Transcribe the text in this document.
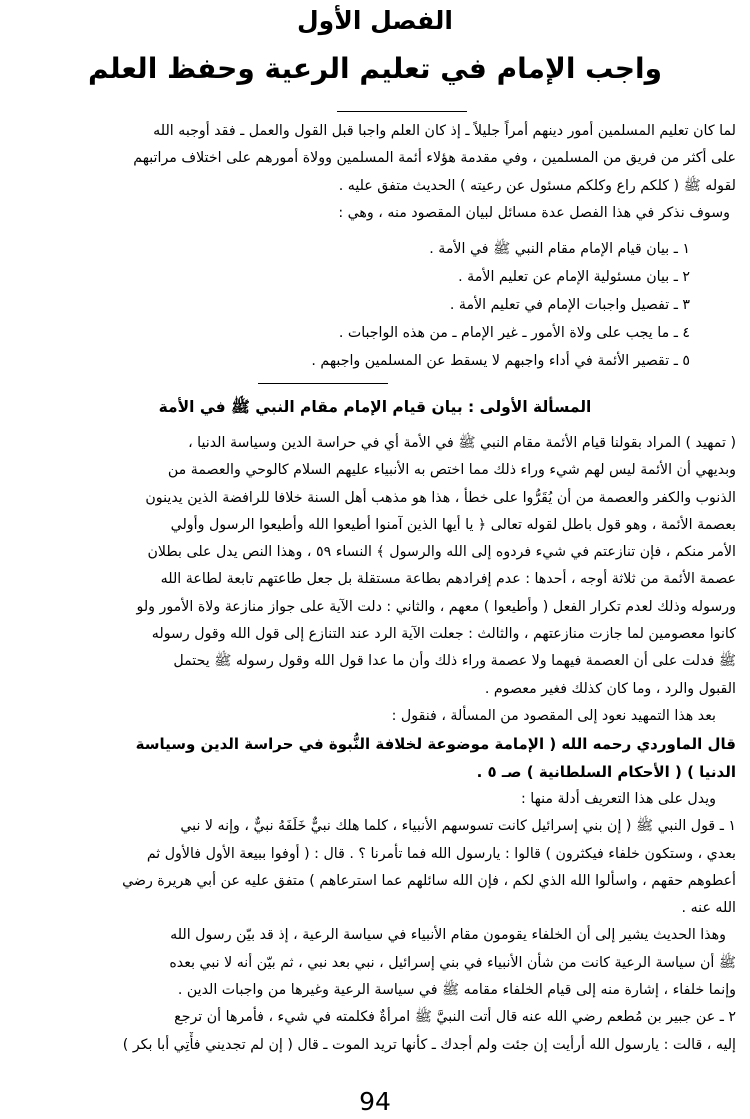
الفصل الأول
واجب الإمام في تعليم الرعية وحفظ العلم
لما كان تعليم المسلمين أمور دينهم أمراً جليلاً ـ إذ كان العلم واجبا قبل القول والعمل ـ فقد أوجبه الله
على أكثر من فريق من المسلمين ، وفي مقدمة هؤلاء أئمة المسلمين وولاة أمورهم على اختلاف مراتبهم
لقوله ﷺ ( كلكم راع وكلكم مسئول عن رعيته ) الحديث متفق عليه .
وسوف نذكر في هذا الفصل عدة مسائل لبيان المقصود منه ، وهي :
١ ـ بيان قيام الإمام مقام النبي ﷺ في الأمة .
٢ ـ بيان مسئولية الإمام عن تعليم الأمة .
٣ ـ تفصيل واجبات الإمام في تعليم الأمة .
٤ ـ ما يجب على ولاة الأمور ـ غير الإمام ـ من هذه الواجبات .
٥ ـ تقصير الأئمة في أداء واجبهم لا يسقط عن المسلمين واجبهم .
المسألة الأولى : بيان قيام الإمام مقام النبي ﷺ في الأمة
( تمهيد ) المراد بقولنا قيام الأئمة مقام النبي ﷺ في الأمة أي في حراسة الدين وسياسة الدنيا ،
وبديهي أن الأئمة ليس لهم شيء وراء ذلك مما اختص به الأنبياء عليهم السلام كالوحي والعصمة من
الذنوب والكفر والعصمة من أن يُقَرُّوا على خطأ ، هذا هو مذهب أهل السنة خلافا للرافضة الذين يدينون
بعصمة الأئمة ، وهو قول باطل لقوله تعالى ﴿ يا أيها الذين آمنوا أطيعوا الله وأطيعوا الرسول وأولي
الأمر منكم ، فإن تنازعتم في شيء فردوه إلى الله والرسول ﴾ النساء ٥٩ ، وهذا النص يدل على بطلان
عصمة الأئمة من ثلاثة أوجه ، أحدها : عدم إفرادهم بطاعة مستقلة بل جعل طاعتهم تابعة لطاعة الله
ورسوله وذلك لعدم تكرار الفعل ( وأطيعوا ) معهم ، والثاني : دلت الآية على جواز منازعة ولاة الأمور ولو
كانوا معصومين لما جازت منازعتهم ، والثالث : جعلت الآية الرد عند التنازع إلى قول الله وقول رسوله
ﷺ فدلت على أن العصمة فيهما ولا عصمة وراء ذلك وأن ما عدا قول الله وقول رسوله ﷺ يحتمل
القبول والرد ، وما كان كذلك فغير معصوم .
بعد هذا التمهيد نعود إلى المقصود من المسألة ، فنقول :
قال الماوردي رحمه الله ( الإمامة موضوعة لخلافة النُّبوة في حراسة الدين وسياسة
الدنيا ) ( الأحكام السلطانية ) صـ ٥ .
ويدل على هذا التعريف أدلة منها :
١ ـ قول النبي ﷺ ( إن بني إسرائيل كانت تسوسهم الأنبياء ، كلما هلك نبيٌّ خَلَفَهُ نبيٌّ ، وإنه لا نبي
بعدي ، وستكون خلفاء فيكثرون ) قالوا : يارسول الله فما تأمرنا ؟ . قال : ( أوفوا ببيعة الأول فالأول ثم
أعطوهم حقهم ، واسألوا الله الذي لكم ، فإن الله سائلهم عما استرعاهم ) متفق عليه عن أبي هريرة رضي
الله عنه .
وهذا الحديث يشير إلى أن الخلفاء يقومون مقام الأنبياء في سياسة الرعية ، إذ قد بيّن رسول الله
ﷺ أن سياسة الرعية كانت من شأن الأنبياء في بني إسرائيل ، نبي بعد نبي ، ثم بيّن أنه لا نبي بعده
وإنما خلفاء ، إشارة منه إلى قيام الخلفاء مقامه ﷺ في سياسة الرعية وغيرها من واجبات الدين .
٢ ـ عن جبير بن مُطعم رضي الله عنه قال أتت النبيَّ ﷺ امرأةٌ فكلمته في شيء ، فأمرها أن ترجع
إليه ، قالت : يارسول الله أرأيت إن جئت ولم أجدك ـ كأنها تريد الموت ـ قال ( إن لم تجديني فأْتِي أبا بكر )
94
